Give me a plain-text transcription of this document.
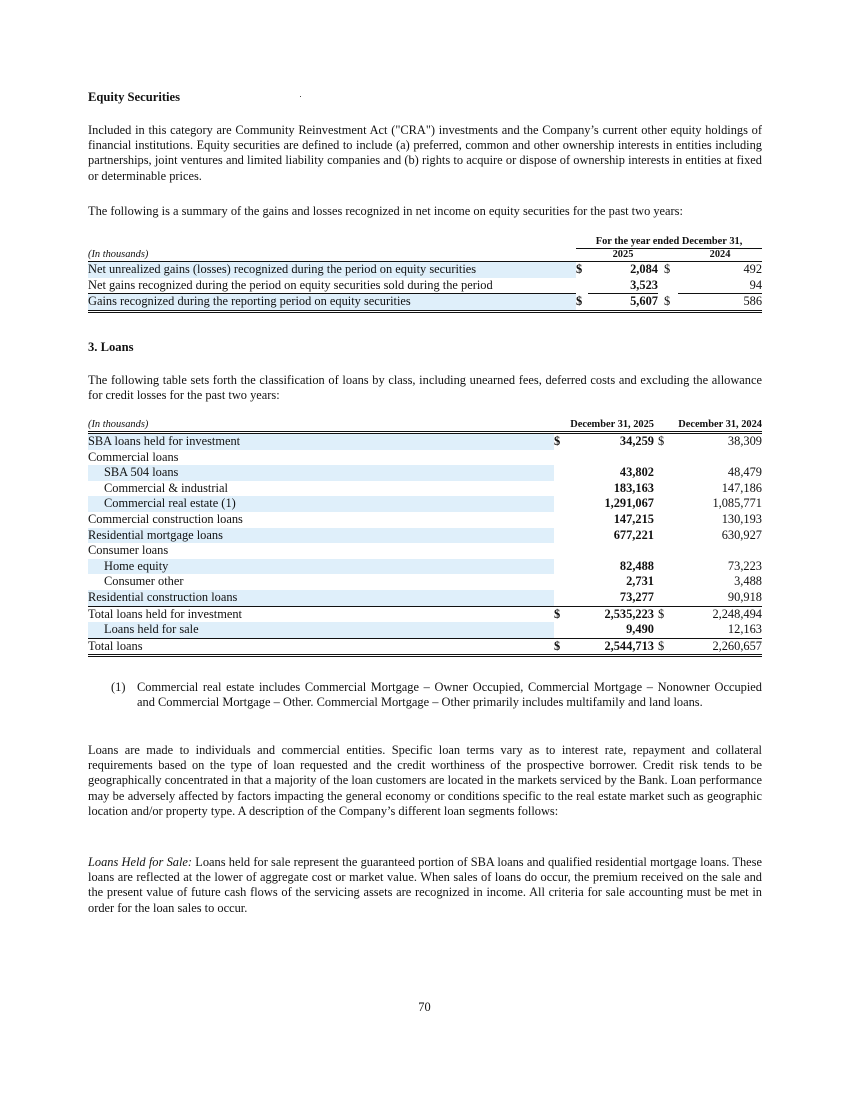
Equity Securities

Included in this category are Community Reinvestment Act ("CRA") investments and the Company’s current other equity holdings of financial institutions. Equity securities are defined to include (a) preferred, common and other ownership interests in entities including partnerships, joint ventures and limited liability companies and (b) rights to acquire or dispose of ownership interests in entities at fixed or determinable prices.

The following is a summary of the gains and losses recognized in net income on equity securities for the past two years:

	For the year ended December 31,			
(In thousands)		2025		2024
Net unrealized gains (losses) recognized during the period on equity securities	$	2,084	$	492
Net gains recognized during the period on equity securities sold during the period		3,523		94
Gains recognized during the reporting period on equity securities	$	5,607	$	586
3. Loans

The following table sets forth the classification of loans by class, including unearned fees, deferred costs and excluding the allowance for credit losses for the past two years:

(In thousands)		December 31, 2025		December 31, 2024
SBA loans held for investment	$	34,259	$	38,309
Commercial loans				
SBA 504 loans		43,802		48,479
Commercial & industrial		183,163		147,186
Commercial real estate (1)		1,291,067		1,085,771
Commercial construction loans		147,215		130,193
Residential mortgage loans		677,221		630,927
Consumer loans				
Home equity		82,488		73,223
Consumer other		2,731		3,488
Residential construction loans		73,277		90,918
Total loans held for investment	$	2,535,223	$	2,248,494
Loans held for sale		9,490		12,163
Total loans	$	2,544,713	$	2,260,657
(1) Commercial real estate includes Commercial Mortgage – Owner Occupied, Commercial Mortgage – Nonowner Occupied and Commercial Mortgage – Other. Commercial Mortgage – Other primarily includes multifamily and land loans.

Loans are made to individuals and commercial entities. Specific loan terms vary as to interest rate, repayment and collateral requirements based on the type of loan requested and the credit worthiness of the prospective borrower. Credit risk tends to be geographically concentrated in that a majority of the loan customers are located in the markets serviced by the Bank. Loan performance may be adversely affected by factors impacting the general economy or conditions specific to the real estate market such as geographic location and/or property type. A description of the Company’s different loan segments follows:

Loans Held for Sale: Loans held for sale represent the guaranteed portion of SBA loans and qualified residential mortgage loans. These loans are reflected at the lower of aggregate cost or market value. When sales of loans do occur, the premium received on the sale and the present value of future cash flows of the servicing assets are recognized in income. All criteria for sale accounting must be met in order for the loan sales to occur.

70
